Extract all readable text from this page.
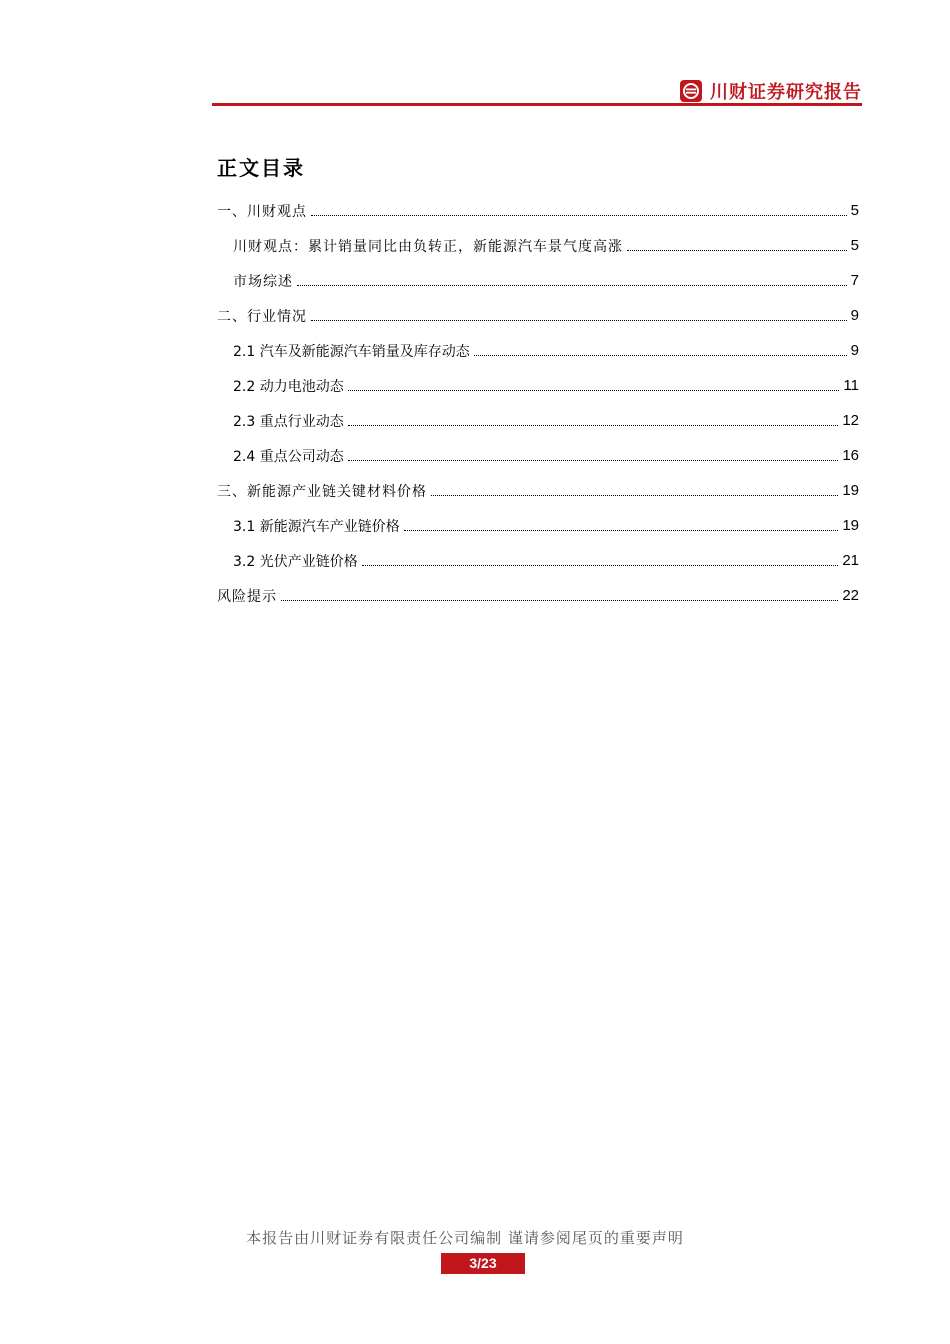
川财证券研究报告
正文目录
一、川财观点	5
川财观点：累计销量同比由负转正，新能源汽车景气度高涨	5
市场综述	7
二、行业情况	9
2.1 汽车及新能源汽车销量及库存动态	9
2.2 动力电池动态	11
2.3 重点行业动态	12
2.4 重点公司动态	16
三、新能源产业链关键材料价格	19
3.1 新能源汽车产业链价格	19
3.2 光伏产业链价格	21
风险提示	22
本报告由川财证券有限责任公司编制 谨请参阅尾页的重要声明
3/23
